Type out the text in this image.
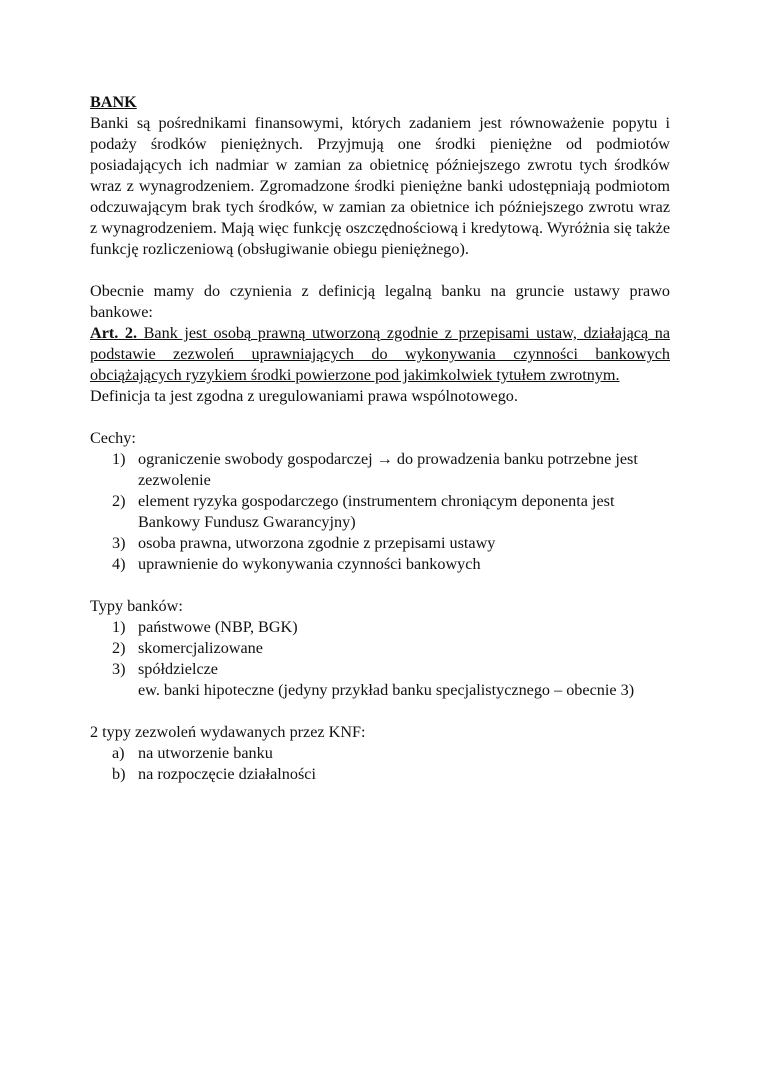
BANK

Banki są pośrednikami finansowymi, których zadaniem jest równoważenie popytu i podaży środków pieniężnych. Przyjmują one środki pieniężne od podmiotów posiadających ich nadmiar w zamian za obietnicę późniejszego zwrotu tych środków wraz z wynagrodzeniem. Zgromadzone środki pieniężne banki udostępniają podmiotom odczuwającym brak tych środków, w zamian za obietnice ich późniejszego zwrotu wraz z wynagrodzeniem. Mają więc funkcję oszczędnościową i kredytową. Wyróżnia się także funkcję rozliczeniową (obsługiwanie obiegu pieniężnego).

Obecnie mamy do czynienia z definicją legalną banku na gruncie ustawy prawo bankowe:

Art. 2. Bank jest osobą prawną utworzoną zgodnie z przepisami ustaw, działającą na podstawie zezwoleń uprawniających do wykonywania czynności bankowych obciążających ryzykiem środki powierzone pod jakimkolwiek tytułem zwrotnym.

Definicja ta jest zgodna z uregulowaniami prawa wspólnotowego.

Cechy:
1) ograniczenie swobody gospodarczej → do prowadzenia banku potrzebne jest zezwolenie
2) element ryzyka gospodarczego (instrumentem chroniącym deponenta jest Bankowy Fundusz Gwarancyjny)
3) osoba prawna, utworzona zgodnie z przepisami ustawy
4) uprawnienie do wykonywania czynności bankowych
Typy banków:
1) państwowe (NBP, BGK)
2) skomercjalizowane
3) spółdzielcze
ew. banki hipoteczne (jedyny przykład banku specjalistycznego – obecnie 3)
2 typy zezwoleń wydawanych przez KNF:
a) na utworzenie banku
b) na rozpoczęcie działalności
